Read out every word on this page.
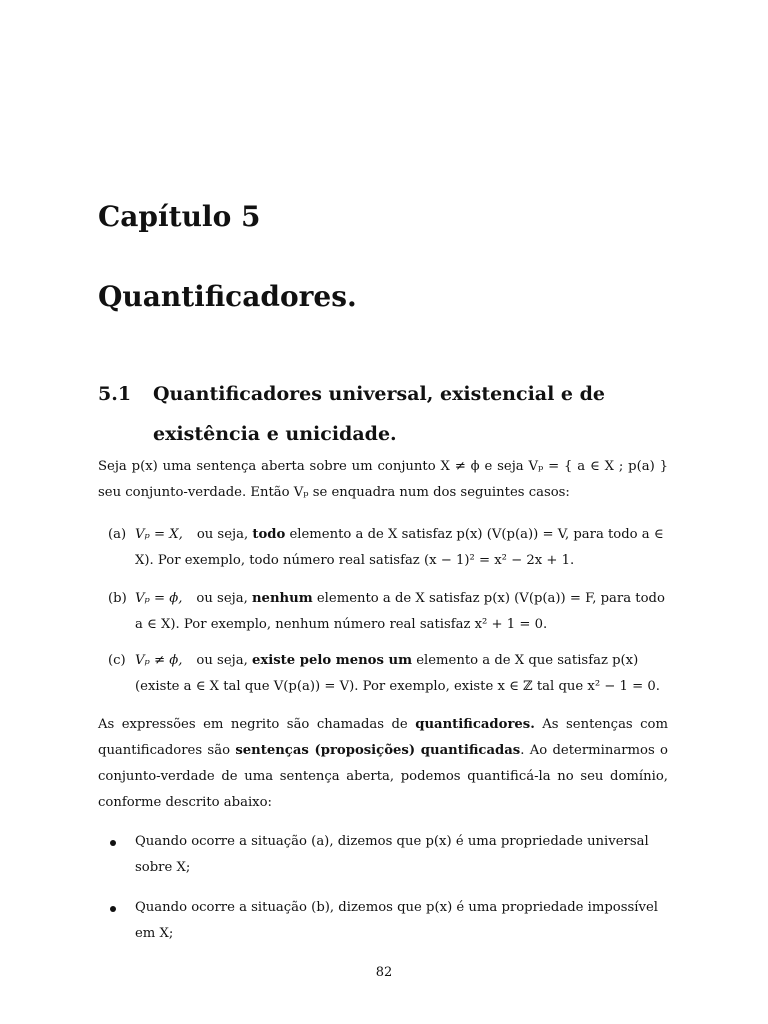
Capítulo 5
Quantificadores.
5.1 Quantificadores universal, existencial e de existência e unicidade.

Seja p(x) uma sentença aberta sobre um conjunto X ≠ ϕ e seja Vₚ = { a ∈ X ; p(a) } seu conjunto-verdade. Então Vₚ se enquadra num dos seguintes casos:

(a) Vₚ = X, ou seja, todo elemento a de X satisfaz p(x) (V(p(a)) = V, para todo a ∈ X). Por exemplo, todo número real satisfaz (x − 1)² = x² − 2x + 1.
(b) Vₚ = ϕ, ou seja, nenhum elemento a de X satisfaz p(x) (V(p(a)) = F, para todo a ∈ X). Por exemplo, nenhum número real satisfaz x² + 1 = 0.
(c) Vₚ ≠ ϕ, ou seja, existe pelo menos um elemento a de X que satisfaz p(x) (existe a ∈ X tal que V(p(a)) = V). Por exemplo, existe x ∈ ℤ tal que x² − 1 = 0.

As expressões em negrito são chamadas de quantificadores. As sentenças com quantificadores são sentenças (proposições) quantificadas. Ao determinarmos o conjunto-verdade de uma sentença aberta, podemos quantificá-la no seu domínio, conforme descrito abaixo:

Quando ocorre a situação (a), dizemos que p(x) é uma propriedade universal sobre X;
Quando ocorre a situação (b), dizemos que p(x) é uma propriedade impossível em X;
82
